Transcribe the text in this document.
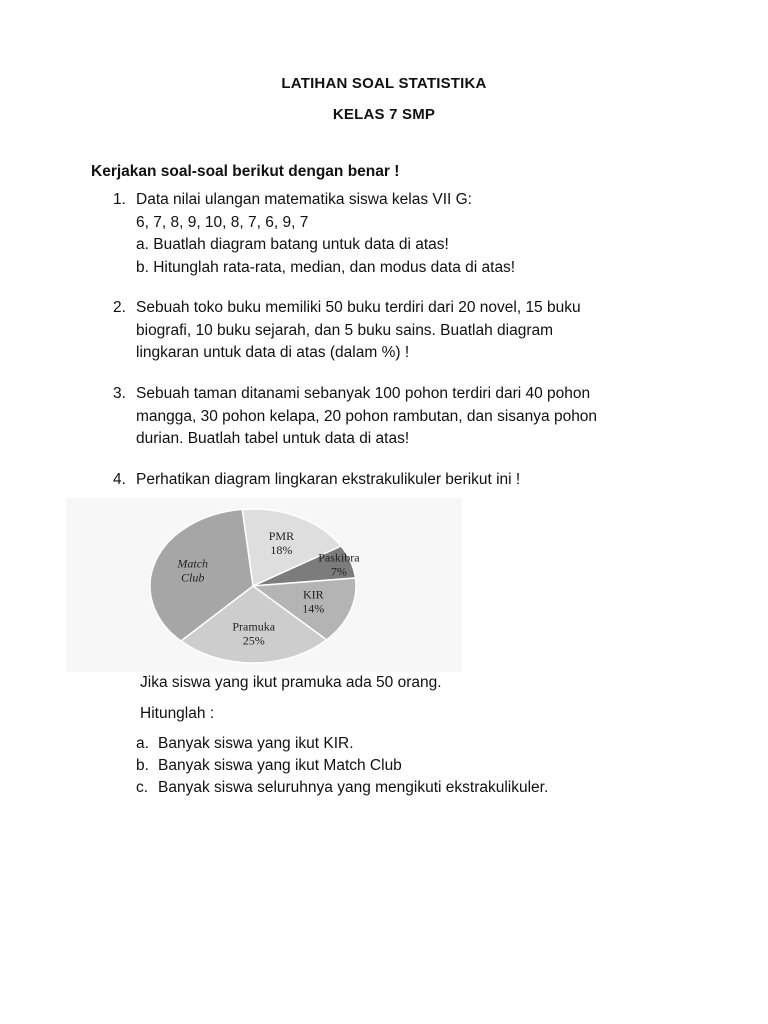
LATIHAN SOAL STATISTIKA
KELAS 7 SMP
Kerjakan soal-soal berikut dengan benar !
1. Data nilai ulangan matematika siswa kelas VII G:
6, 7, 8, 9, 10, 8, 7, 6, 9, 7
a. Buatlah diagram batang untuk data di atas!
b. Hitunglah rata-rata, median, dan modus data di atas!
2. Sebuah toko buku memiliki 50 buku terdiri dari 20 novel, 15 buku
biografi, 10 buku sejarah, dan 5 buku sains. Buatlah diagram
lingkaran untuk data di atas (dalam %) !
3. Sebuah taman ditanami sebanyak 100 pohon terdiri dari 40 pohon
mangga, 30 pohon kelapa, 20 pohon rambutan, dan sisanya pohon
durian. Buatlah tabel untuk data di atas!
4. Perhatikan diagram lingkaran ekstrakulikuler berikut ini !
PMR
18%
Paskibra
7%
KIR
14%
Pramuka
25%
Match
Club
Jika siswa yang ikut pramuka ada 50 orang.
Hitunglah :
a. Banyak siswa yang ikut KIR.
b. Banyak siswa yang ikut Match Club
c. Banyak siswa seluruhnya yang mengikuti ekstrakulikuler.
